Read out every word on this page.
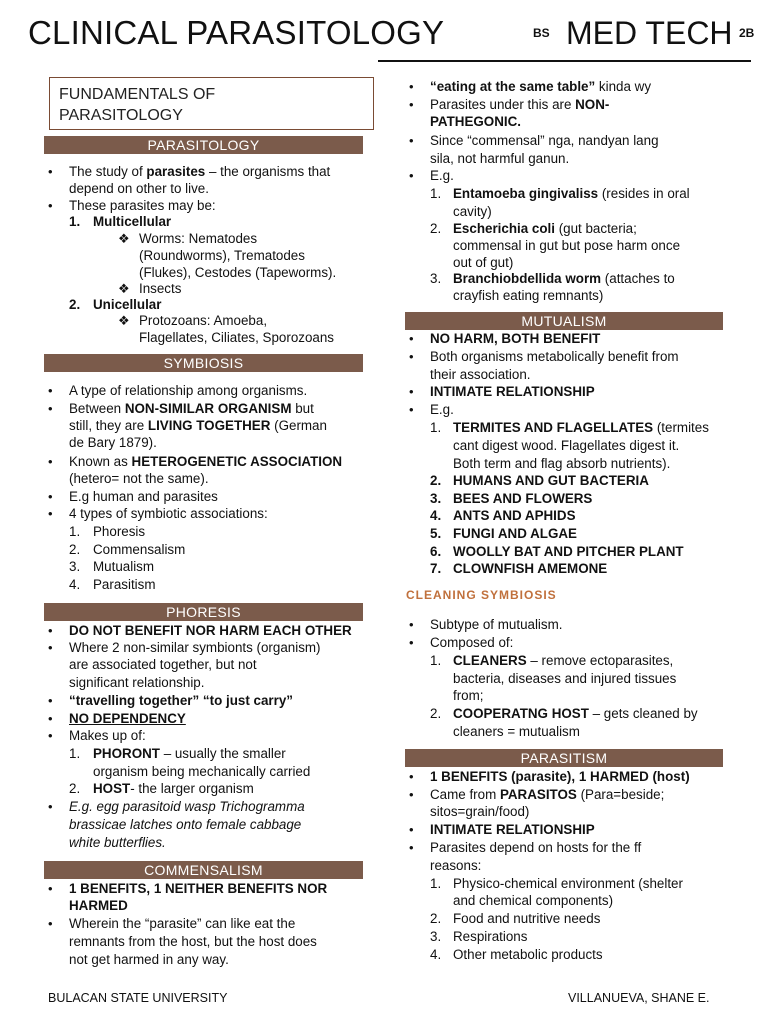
CLINICAL PARASITOLOGY	BS MED TECH 2B
FUNDAMENTALS OF
PARASITOLOGY
PARASITOLOGY
• The study of parasites – the organisms that
depend on other to live.
• These parasites may be:
1. Multicellular
❖ Worms: Nematodes
(Roundworms), Trematodes
(Flukes), Cestodes (Tapeworms).
❖ Insects
2. Unicellular
❖ Protozoans: Amoeba,
Flagellates, Ciliates, Sporozoans
SYMBIOSIS
• A type of relationship among organisms.
• Between NON-SIMILAR ORGANISM but
still, they are LIVING TOGETHER (German
de Bary 1879).
• Known as HETEROGENETIC ASSOCIATION
(hetero= not the same).
• E.g human and parasites
• 4 types of symbiotic associations:
1. Phoresis
2. Commensalism
3. Mutualism
4. Parasitism
PHORESIS
• DO NOT BENEFIT NOR HARM EACH OTHER
• Where 2 non-similar symbionts (organism)
are associated together, but not
significant relationship.
• “travelling together” “to just carry”
• NO DEPENDENCY
• Makes up of:
1. PHORONT – usually the smaller
organism being mechanically carried
2. HOST- the larger organism
• E.g. egg parasitoid wasp Trichogramma
brassicae latches onto female cabbage
white butterflies.
COMMENSALISM
• 1 BENEFITS, 1 NEITHER BENEFITS NOR
HARMED
• Wherein the “parasite” can like eat the
remnants from the host, but the host does
not get harmed in any way.
• “eating at the same table” kinda wy
• Parasites under this are NON-
PATHEGONIC.
• Since “commensal” nga, nandyan lang
sila, not harmful ganun.
• E.g.
1. Entamoeba gingivaliss (resides in oral
cavity)
2. Escherichia coli (gut bacteria;
commensal in gut but pose harm once
out of gut)
3. Branchiobdellida worm (attaches to
crayfish eating remnants)
MUTUALISM
• NO HARM, BOTH BENEFIT
• Both organisms metabolically benefit from
their association.
• INTIMATE RELATIONSHIP
• E.g.
1. TERMITES AND FLAGELLATES (termites
cant digest wood. Flagellates digest it.
Both term and flag absorb nutrients).
2. HUMANS AND GUT BACTERIA
3. BEES AND FLOWERS
4. ANTS AND APHIDS
5. FUNGI AND ALGAE
6. WOOLLY BAT AND PITCHER PLANT
7. CLOWNFISH AMEMONE
CLEANING SYMBIOSIS
• Subtype of mutualism.
• Composed of:
1. CLEANERS – remove ectoparasites,
bacteria, diseases and injured tissues
from;
2. COOPERATNG HOST – gets cleaned by
cleaners = mutualism
PARASITISM
• 1 BENEFITS (parasite), 1 HARMED (host)
• Came from PARASITOS (Para=beside;
sitos=grain/food)
• INTIMATE RELATIONSHIP
• Parasites depend on hosts for the ff
reasons:
1. Physico-chemical environment (shelter
and chemical components)
2. Food and nutritive needs
3. Respirations
4. Other metabolic products
BULACAN STATE UNIVERSITY	VILLANUEVA, SHANE E.
